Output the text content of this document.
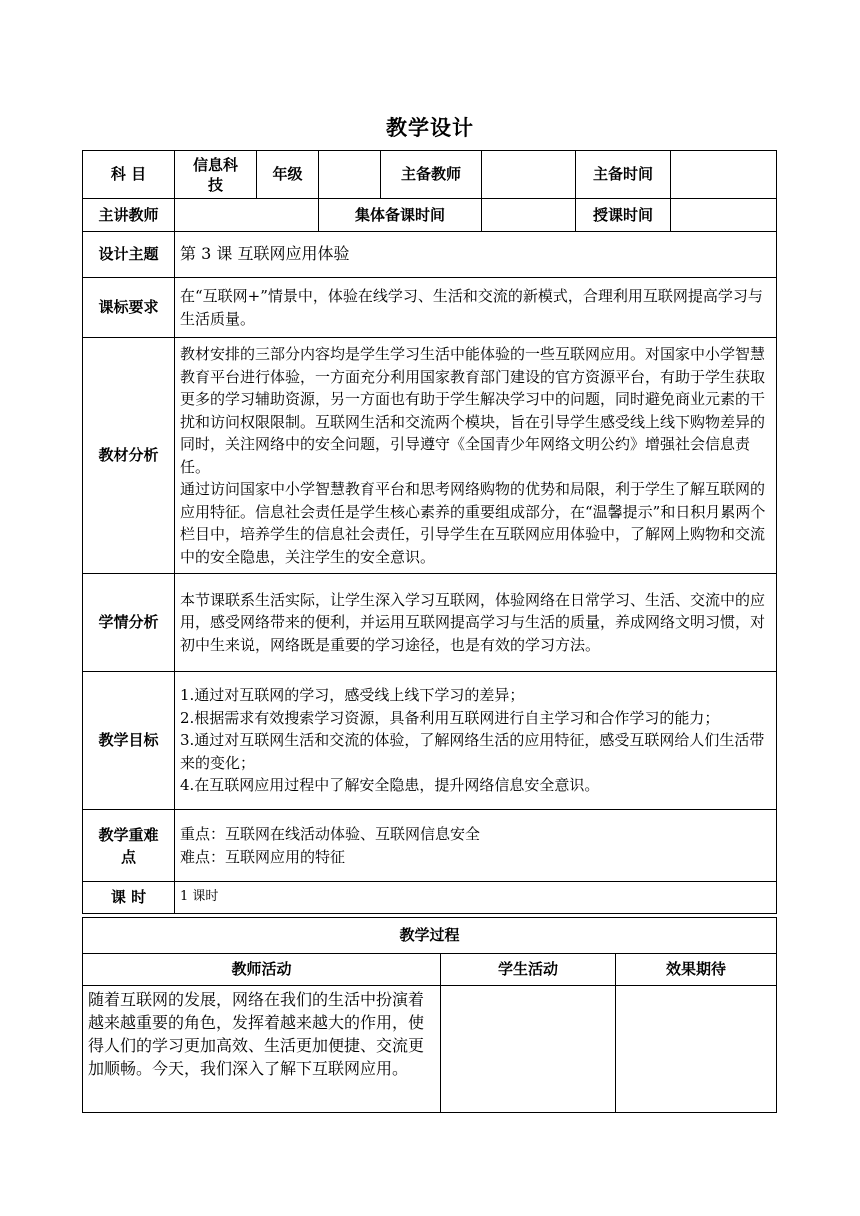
教学设计
科 目	信息科技	年级		主备教师		主备时间	
主讲教师			集体备课时间			授课时间	
设计主题	第 3 课 互联网应用体验						
课标要求	在“互联网+”情景中，体验在线学习、生活和交流的新模式，合理利用互联网提高学习与生活质量。						
教材分析	教材安排的三部分内容均是学生学习生活中能体验的一些互联网应用。对国家中小学智慧教育平台进行体验，一方面充分利用国家教育部门建设的官方资源平台，有助于学生获取更多的学习辅助资源，另一方面也有助于学生解决学习中的问题，同时避免商业元素的干扰和访问权限限制。互联网生活和交流两个模块，旨在引导学生感受线上线下购物差异的同时，关注网络中的安全问题，引导遵守《全国青少年网络文明公约》增强社会信息责任。

通过访问国家中小学智慧教育平台和思考网络购物的优势和局限，利于学生了解互联网的应用特征。信息社会责任是学生核心素养的重要组成部分，在“温馨提示”和日积月累两个栏目中，培养学生的信息社会责任，引导学生在互联网应用体验中，了解网上购物和交流中的安全隐患，关注学生的安全意识。						

学情分析	本节课联系生活实际，让学生深入学习互联网，体验网络在日常学习、生活、交流中的应用，感受网络带来的便利，并运用互联网提高学习与生活的质量，养成网络文明习惯，对初中生来说，网络既是重要的学习途径，也是有效的学习方法。						
教学目标	1.通过对互联网的学习，感受线上线下学习的差异；

2.根据需求有效搜索学习资源，具备利用互联网进行自主学习和合作学习的能力；

3.通过对互联网生活和交流的体验，了解网络生活的应用特征，感受互联网给人们生活带来的变化；

4.在互联网应用过程中了解安全隐患，提升网络信息安全意识。						

教学重难点	重点：互联网在线活动体验、互联网信息安全

难点：互联网应用的特征						

课 时	1 课时						
教学过程		
教师活动	学生活动	效果期待
随着互联网的发展，网络在我们的生活中扮演着越来越重要的角色，发挥着越来越大的作用，使得人们的学习更加高效、生活更加便捷、交流更加顺畅。今天，我们深入了解下互联网应用。		
